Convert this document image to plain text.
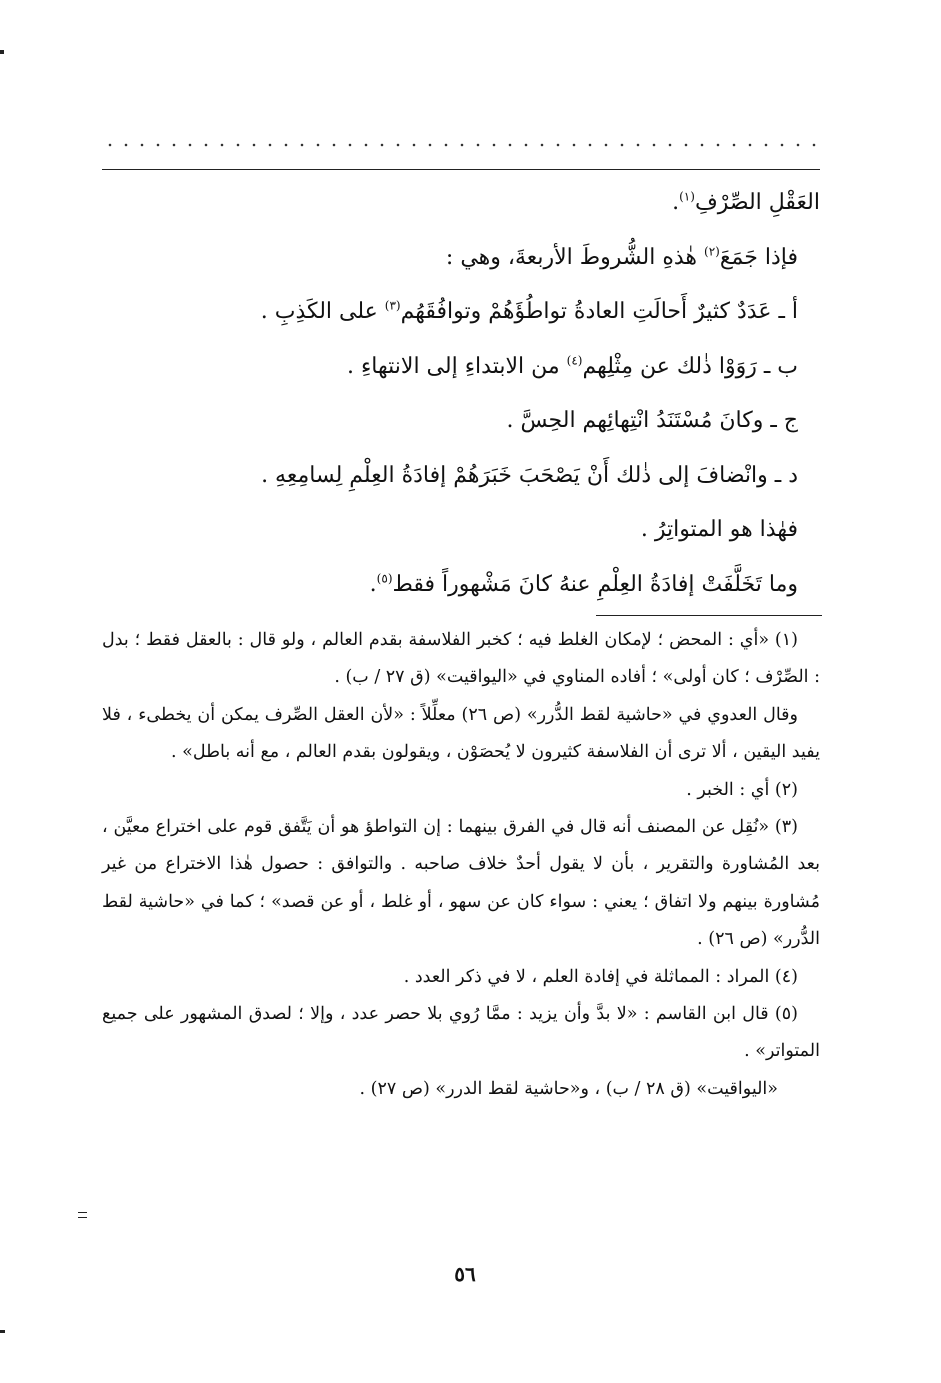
العَقْلِ الصِّرْفِ$^{(١)}$.
فإذا جَمَعَ$^{(٢)}$ هٰذهِ الشُّروطَ الأربعةَ، وهي :
أ ـ عَدَدٌ كثيرٌ أَحالَتِ العادةُ تواطُؤَهُمْ وتوافُقَهُم$^{(٣)}$ على الكَذِبِ .
ب ـ رَوَوْا ذٰلك عن مِثْلِهم$^{(٤)}$ من الابتداءِ إلى الانتهاءِ .
ج ـ وكانَ مُسْتَنَدُ انْتِهائِهم الحِسَّ .
د ـ وانْضافَ إلى ذٰلك أَنْ يَصْحَبَ خَبَرَهُمْ إفادَةُ العِلْمِ لِسامِعِهِ .
فهٰذا هو المتواتِرُ .
وما تَخَلَّفَتْ إفادَةُ العِلْمِ عنهُ كانَ مَشْهوراً فقط$^{(٥)}$.

(١) «أي : المحض ؛ لإمكان الغلط فيه ؛ كخبر الفلاسفة بقدم العالم ، ولو قال : بالعقل فقط ؛ بدل : الصِّرْف ؛ كان أولى» ؛ أفاده المناوي في «اليواقيت» (ق ٢٧ / ب) .

وقال العدوي في «حاشية لقط الدُّرر» (ص ٢٦) معلِّلاً : «لأن العقل الصِّرف يمكن أن يخطىء ، فلا يفيد اليقين ، ألا ترى أن الفلاسفة كثيرون لا يُحصَوْن ، ويقولون بقدم العالم ، مع أنه باطل» .

(٢) أي : الخبر .

(٣) «نُقِل عن المصنف أنه قال في الفرق بينهما : إن التواطؤ هو أن يَتَّفق قوم على اختراع معيَّن ، بعد المُشاورة والتقرير ، بأن لا يقول أحدٌ خلاف صاحبه . والتوافق : حصول هٰذا الاختراع من غير مُشاورة بينهم ولا اتفاق ؛ يعني : سواء كان عن سهو ، أو غلط ، أو عن قصد» ؛ كما في «حاشية لقط الدُّرر» (ص ٢٦) .

(٤) المراد : المماثلة في إفادة العلم ، لا في ذكر العدد .

(٥) قال ابن القاسم : «لا بدَّ وأن يزيد : ممَّا رُوي بلا حصر عدد ، وإلا ؛ لصدق المشهور على جميع المتواتر» .

«اليواقيت» (ق ٢٨ / ب) ، و«حاشية لقط الدرر» (ص ٢٧) .

٥٦
